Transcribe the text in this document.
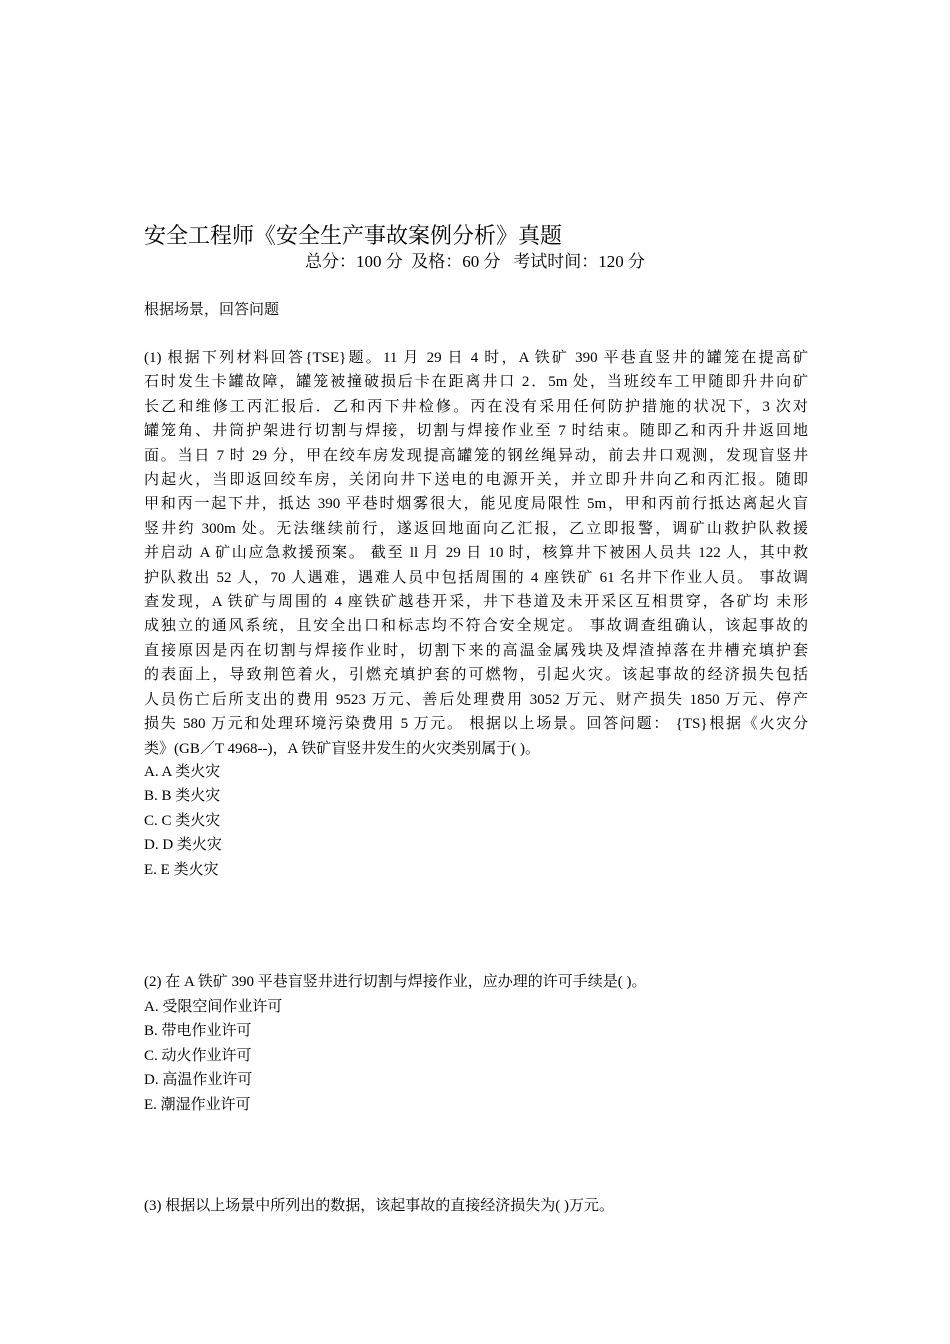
安全工程师《安全生产事故案例分析》真题
总分：100 分  及格：60 分   考试时间：120 分
根据场景，回答问题
(1) 根据下列材料回答{TSE}题。11 月 29 日 4 时，A 铁矿 390 平巷直竖井的罐笼在提高矿
石时发生卡罐故障，罐笼被撞破损后卡在距离井口 2．5m 处，当班绞车工甲随即升井向矿
长乙和维修工丙汇报后．乙和丙下井检修。丙在没有采用任何防护措施的状况下，3 次对
罐笼角、井筒护架进行切割与焊接，切割与焊接作业至 7 时结束。随即乙和丙升井返回地
面。当日 7 时 29 分，甲在绞车房发现提高罐笼的钢丝绳异动，前去井口观测，发现盲竖井
内起火，当即返回绞车房，关闭向井下送电的电源开关，并立即升井向乙和丙汇报。随即
甲和丙一起下井，抵达 390 平巷时烟雾很大，能见度局限性 5m，甲和丙前行抵达离起火盲
竖井约 300m 处。无法继续前行，遂返回地面向乙汇报，乙立即报警，调矿山救护队救援
并启动 A 矿山应急救援预案。 截至 ll 月 29 日 10 时，核算井下被困人员共 122 人，其中救
护队救出 52 人，70 人遇难，遇难人员中包括周围的 4 座铁矿 61 名井下作业人员。 事故调
查发现，A 铁矿与周围的 4 座铁矿越巷开采，井下巷道及未开采区互相贯穿，各矿均 未形
成独立的通风系统，且安全出口和标志均不符合安全规定。 事故调查组确认，该起事故的
直接原因是丙在切割与焊接作业时，切割下来的高温金属残块及焊渣掉落在井槽充填护套
的表面上，导致荆笆着火，引燃充填护套的可燃物，引起火灾。该起事故的经济损失包括
人员伤亡后所支出的费用 9523 万元、善后处理费用 3052 万元、财产损失 1850 万元、停产
损失 580 万元和处理环境污染费用 5 万元。 根据以上场景。回答问题： {TS}根据《火灾分
类》(GB／T 4968--)，A 铁矿盲竖井发生的火灾类别属于( )。
A. A 类火灾
B. B 类火灾
C. C 类火灾
D. D 类火灾
E. E 类火灾
(2) 在 A 铁矿 390 平巷盲竖井进行切割与焊接作业，应办理的许可手续是( )。
A. 受限空间作业许可
B. 带电作业许可
C. 动火作业许可
D. 高温作业许可
E. 潮湿作业许可
(3) 根据以上场景中所列出的数据，该起事故的直接经济损失为( )万元。
